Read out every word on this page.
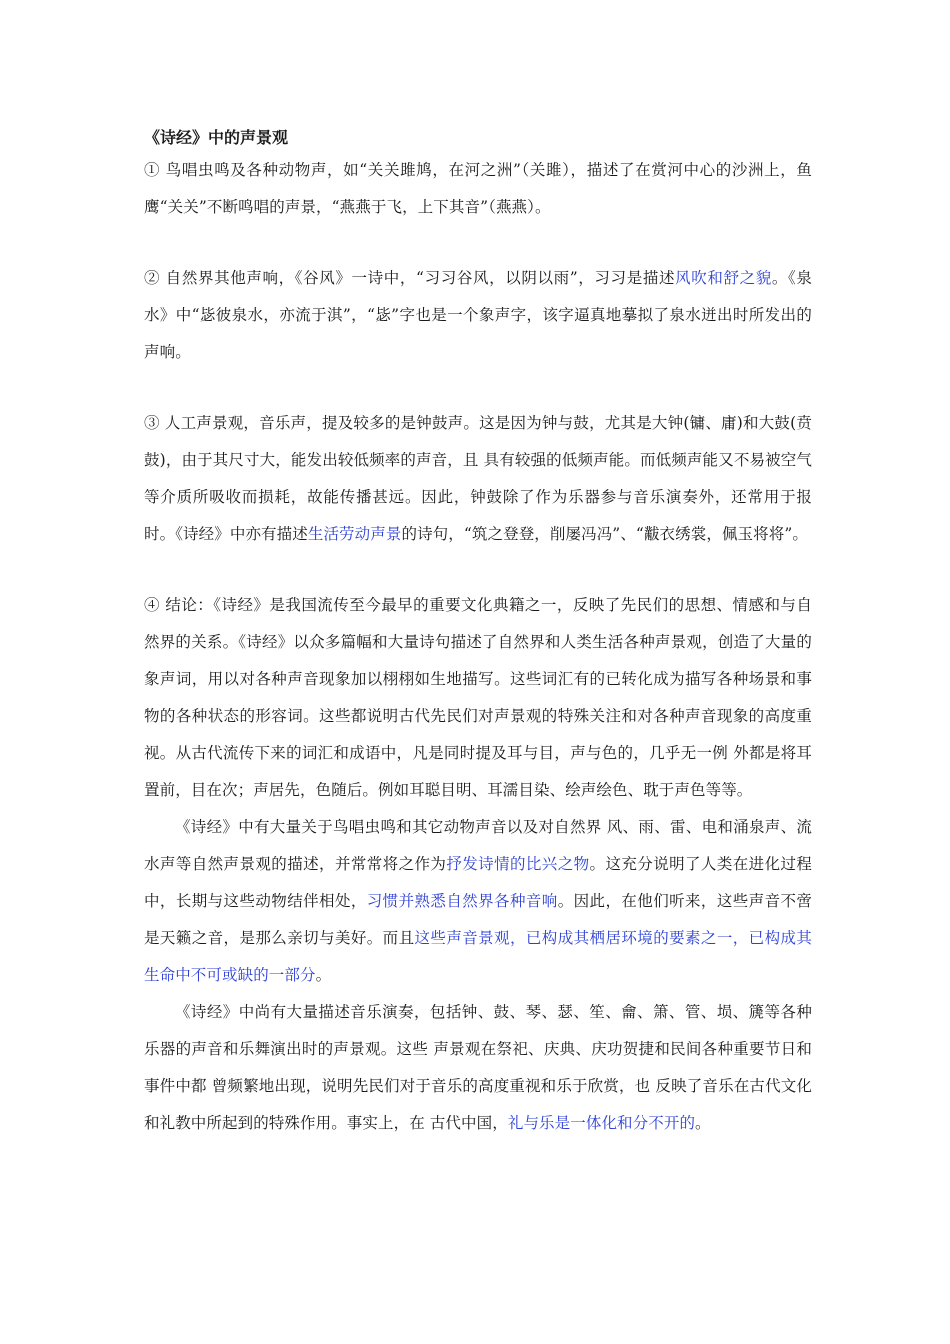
《诗经》中的声景观

① 鸟唱虫鸣及各种动物声，如“关关雎鸠，在河之洲”（关雎），描述了在赏河中心的沙洲上，鱼鹰“关关”不断鸣唱的声景，“燕燕于飞，上下其音”（燕燕）。

② 自然界其他声响，《谷风》一诗中，“习习谷风，以阴以雨”，习习是描述风吹和舒之貌。《泉水》中“毖彼泉水，亦流于淇”，“毖”字也是一个象声字，该字逼真地摹拟了泉水迸出时所发出的声响。

③ 人工声景观，音乐声，提及较多的是钟鼓声。这是因为钟与鼓，尤其是大钟(镛、庸)和大鼓(贲鼓)，由于其尺寸大，能发出较低频率的声音，且 具有较强的低频声能。而低频声能又不易被空气等介质所吸收而损耗，故能传播甚远。因此，钟鼓除了作为乐器参与音乐演奏外，还常用于报时。《诗经》中亦有描述生活劳动声景的诗句，“筑之登登，削屡冯冯”、“黻衣绣裳，佩玉将将”。

④ 结论：《诗经》是我国流传至今最早的重要文化典籍之一，反映了先民们的思想、情感和与自然界的关系。《诗经》以众多篇幅和大量诗句描述了自然界和人类生活各种声景观，创造了大量的象声词，用以对各种声音现象加以栩栩如生地描写。这些词汇有的已转化成为描写各种场景和事物的各种状态的形容词。这些都说明古代先民们对声景观的特殊关注和对各种声音现象的高度重视。从古代流传下来的词汇和成语中，凡是同时提及耳与目，声与色的，几乎无一例 外都是将耳置前，目在次；声居先，色随后。例如耳聪目明、耳濡目染、绘声绘色、耽于声色等等。

《诗经》中有大量关于鸟唱虫鸣和其它动物声音以及对自然界 风、雨、雷、电和涌泉声、流水声等自然声景观的描述，并常常将之作为抒发诗情的比兴之物。这充分说明了人类在进化过程中，长期与这些动物结伴相处，习惯并熟悉自然界各种音响。因此，在他们听来，这些声音不啻是天籁之音，是那么亲切与美好。而且这些声音景观，已构成其栖居环境的要素之一，已构成其生命中不可或缺的一部分。

《诗经》中尚有大量描述音乐演奏，包括钟、鼓、琴、瑟、笙、龠、箫、管、埙、篪等各种乐器的声音和乐舞演出时的声景观。这些 声景观在祭祀、庆典、庆功贺捷和民间各种重要节日和事件中都 曾频繁地出现，说明先民们对于音乐的高度重视和乐于欣赏，也 反映了音乐在古代文化和礼教中所起到的特殊作用。事实上，在 古代中国，礼与乐是一体化和分不开的。
